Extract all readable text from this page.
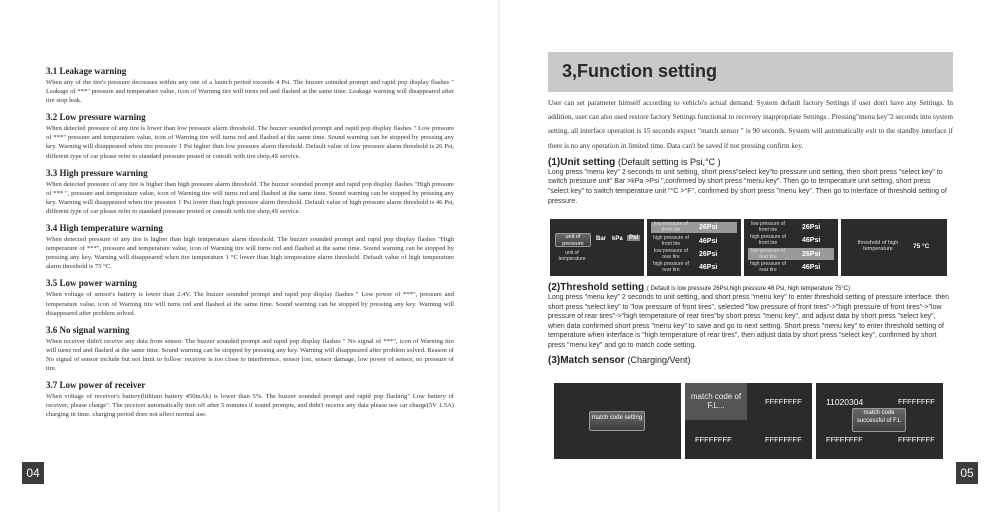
3.1 Leakage warning

When any of the tire's pressure decreases within any one of a launch period exceeds 4 Psi. The buzzer sounded prompt and rapid pop display flashes " Leakage of ***" pressure and temperature value, icon of Warning tire will turns red and flashed at the same time. Leakage warning will disappeared after tire stop leak.

3.2 Low pressure warning

When detected pressure of any tire is lower than low pressure alarm threshold. The buzzer sounded prompt and rapid pop display flashes " Low pressure of ***" pressure and temperature value, icon of Warning tire will turns red and flashed at the same time. Sound warning can be stopped by pressing any key. Warning will disappeared when tire pressure 1 Psi higher than low pressure alarm threshold. Default value of low pressure alarm threshold is 26 Psi, different type of car please refer to standard pressure posted or consult with tire shop,4S service.

3.3 High pressure warning

When detected pressure of any tire is higher than high pressure alarm threshold. The buzzer sounded prompt and rapid pop display flashes "High pressure of *** ", pressure and temperature value, icon of Warning tire will turns red and flashed at the same time. Sound warning can be stopped by pressing any key. Warning will disappeared when tire pressure 1 Psi lower than high pressure alarm threshold. Default value of high pressure alarm threshold is 46 Psi, different type of car please refer to standard pressure posted or consult with tire shop,4S service.

3.4 High temperature warning

When detected pressure of any tire is higher than high temperature alarm threshold. The buzzer sounded prompt and rapid pop display flashes "High temperature of ***", pressure and temperature value, icon of Warning tire will turns red and flashed at the same time. Sound warning can be stopped by pressing any key. Warning will disappeared when tire temperature 1 °C lower than high temperature alarm threshold. Default value of high temperature alarm threshold is 75 °C.

3.5 Low power warning

When voltage of sensor's battery is lower than 2.4V. The buzzer sounded prompt and rapid pop display flashes " Low power of ***", pressure and temperature value, icon of Warning tire will turns red and flashed at the same time. Sound warning can be stopped by pressing any key. Warning will disappeared after problem solved.

3.6 No signal warning

When receiver didn't receive any data from sensor. The buzzer sounded prompt and rapid pop display flashes " No signal of ***", icon of Warning tire will turns red and flashed at the same time. Sound warning can be stopped by pressing any key. Warning will disappeared after problem solved. Reason of No signal of sensor include but not limit to follow: receiver is too close to interference, sensor lost, sensor damage, low power of sensor, no pressure of tire.

3.7 Low power of receiver

When voltage of receiver's battery(lithium battery 450mAh) is lower than 5%. The buzzer sounded prompt and rapid pop flashing" Low battery of receiver, please charge". The receiver automatically turn off after 5 minutes if sound prompts, and didn't receive any data please use car charge(5V 1.5A) charging in time. charging period does not affect normal use.

04
3,Function setting

User can set parameter himself according to vehicle's actual demand. System default factory Settings if user don't have any Settings. In addition, user can also used restore factory Settings functional to recovery inappropriate Settings . Pressing"menu key"2 seconds into system setting, all interface operation is 15 seconds expect "match sensor " is 90 seconds. System will automatically exit to the standby interface if there is no any operation in limited time. Data can't be saved if not pressing confirm key.

(1)Unit setting (Default setting is Psi,°C )

Long press "menu key" 2 seconds to unit setting, short press"select key"to pressure unit setting, then short press "select key" to switch pressure unit" Bar >kPa >Psi ",confirmed by short press "menu key". Then go to temperature unit setting, short press "select key" to switch temperature unit "°C >°F", confirmed by short press "menu key". Then go to interface of threshold setting of pressure.

unit of pressure
unit of temperature
Bar kPa	Psi
low pressure of front tire	26Psi
high pressure of front tire	46Psi
low pressure of rear tire	26Psi
high pressure of rear tire	46Psi
low pressure of front tire	26Psi
high pressure of front tire	46Psi
low pressure of rear tire	26Psi
high pressure of rear tire	46Psi
threshold of high temperature	75 °C

(2)Threshold setting ( Default is low pressure 26Psi,high pressure 46 Psi, high temperature 75°C)

Long press "menu key" 2 seconds to unit setting, and short press "menu key" to enter threshold setting of pressure interface. then short press "select key" to "low pressure of front tires", selected "low pressure of front tires"->"high pressure of front tires"->"low pressure of rear tires"->"high temperature of rear tires"by short press "menu key", and adjust data by short press "select key", when data confirmed short press "menu key" to save and go to next setting. Short press "menu key" to enter threshold setting of temperature when interface is "high temperature of rear tires", then adjust data by short press "select key", confirmed by short press "menu key" and go to match code setting.

(3)Match sensor (Charging/Vent)

match code setting
match code of F.L...	FFFFFFFF
FFFFFFFF	FFFFFFFF
11020304	FFFFFFFF
match code successful of F.L
FFFFFFFF	FFFFFFFF
05
